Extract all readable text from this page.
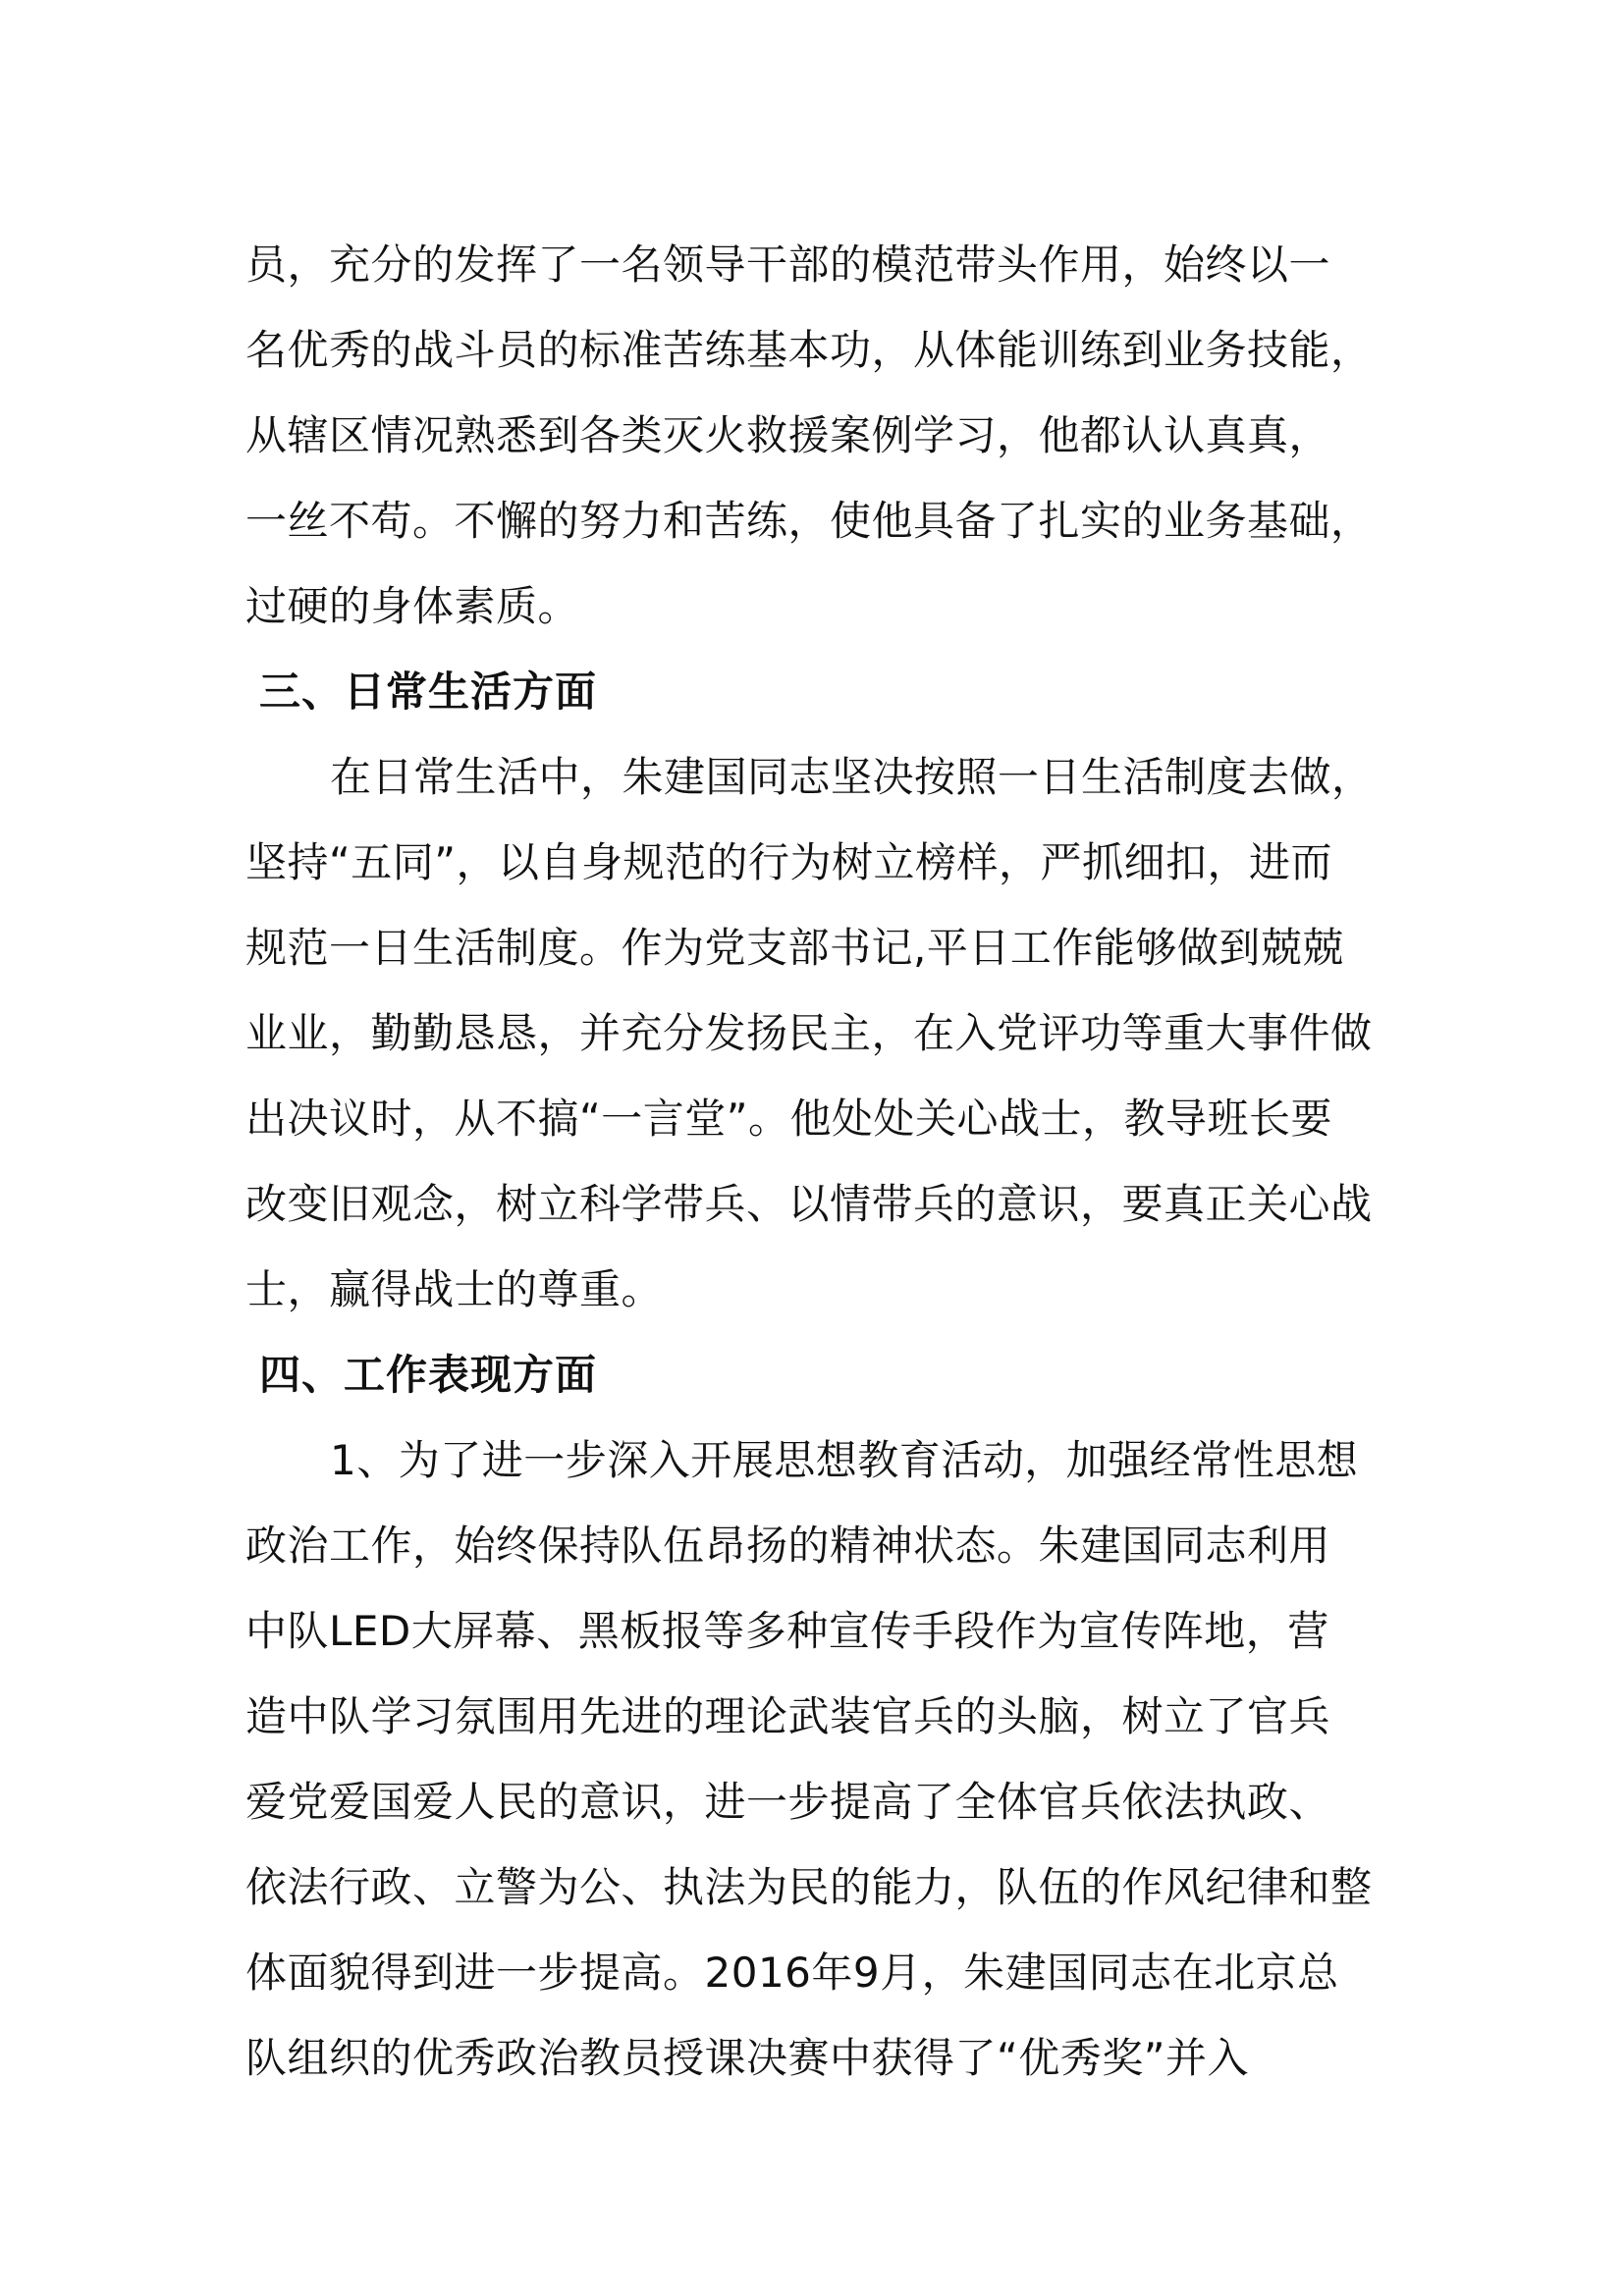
员，充分的发挥了一名领导干部的模范带头作用，始终以一
名优秀的战斗员的标准苦练基本功，从体能训练到业务技能，
从辖区情况熟悉到各类灭火救援案例学习，他都认认真真，
一丝不苟。不懈的努力和苦练，使他具备了扎实的业务基础，
过硬的身体素质。
三、日常生活方面
在日常生活中，朱建国同志坚决按照一日生活制度去做，
坚持“五同”，以自身规范的行为树立榜样，严抓细扣，进而
规范一日生活制度。作为党支部书记,平日工作能够做到兢兢
业业，勤勤恳恳，并充分发扬民主，在入党评功等重大事件做
出决议时，从不搞“一言堂”。他处处关心战士，教导班长要
改变旧观念，树立科学带兵、以情带兵的意识，要真正关心战
士，赢得战士的尊重。
四、工作表现方面
1、为了进一步深入开展思想教育活动，加强经常性思想
政治工作，始终保持队伍昂扬的精神状态。朱建国同志利用
中队LED大屏幕、黑板报等多种宣传手段作为宣传阵地，营
造中队学习氛围用先进的理论武装官兵的头脑，树立了官兵
爱党爱国爱人民的意识，进一步提高了全体官兵依法执政、
依法行政、立警为公、执法为民的能力，队伍的作风纪律和整
体面貌得到进一步提高。2016年9月，朱建国同志在北京总
队组织的优秀政治教员授课决赛中获得了“优秀奖”并入
